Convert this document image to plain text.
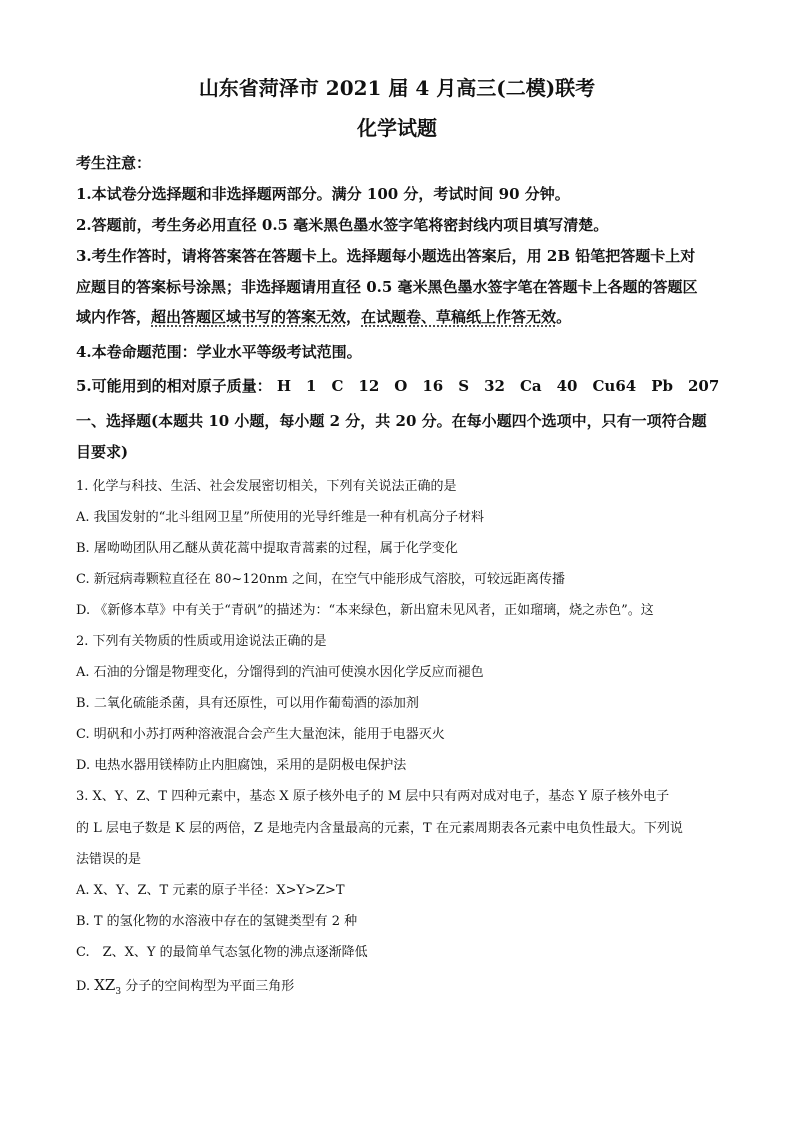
山东省菏泽市 2021 届 4 月高三(二模)联考
化学试题
考生注意：
1.本试卷分选择题和非选择题两部分。满分 100 分，考试时间 90 分钟。
2.答题前，考生务必用直径 0.5 毫米黑色墨水签字笔将密封线内项目填写清楚。
3.考生作答时，请将答案答在答题卡上。选择题每小题选出答案后，用 2B 铅笔把答题卡上对
应题目的答案标号涂黑；非选择题请用直径 0.5 毫米黑色墨水签字笔在答题卡上各题的答题区
域内作答，超出答题区域书写的答案无效，在试题卷、草稿纸上作答无效。
4.本卷命题范围：学业水平等级考试范围。
5.可能用到的相对原子质量： H　1　C　12　O　16　S　32　Ca　40　Cu64　Pb　207
一、选择题(本题共 10 小题，每小题 2 分，共 20 分。在每小题四个选项中，只有一项符合题
目要求)
1. 化学与科技、生活、社会发展密切相关，下列有关说法正确的是
A. 我国发射的“北斗组网卫星”所使用的光导纤维是一种有机高分子材料
B. 屠呦呦团队用乙醚从黄花蒿中提取青蒿素的过程，属于化学变化
C. 新冠病毒颗粒直径在 80~120nm 之间，在空气中能形成气溶胶，可较远距离传播
D. 《新修本草》中有关于“青矾”的描述为：“本来绿色，新出窟未见风者，正如瑠璃，烧之赤色”。这
2. 下列有关物质的性质或用途说法正确的是
A. 石油的分馏是物理变化，分馏得到的汽油可使溴水因化学反应而褪色
B. 二氧化硫能杀菌，具有还原性，可以用作葡萄酒的添加剂
C. 明矾和小苏打两种溶液混合会产生大量泡沫，能用于电器灭火
D. 电热水器用镁棒防止内胆腐蚀，采用的是阴极电保护法
3. X、Y、Z、T 四种元素中，基态 X 原子核外电子的 M 层中只有两对成对电子，基态 Y 原子核外电子
的 L 层电子数是 K 层的两倍，Z 是地壳内含量最高的元素，T 在元素周期表各元素中电负性最大。下列说
法错误的是
A. X、Y、Z、T 元素的原子半径：X>Y>Z>T
B. T 的氢化物的水溶液中存在的氢键类型有 2 种
C.　Z、X、Y 的最简单气态氢化物的沸点逐渐降低
D. $XZ_3$ 分子的空间构型为平面三角形
